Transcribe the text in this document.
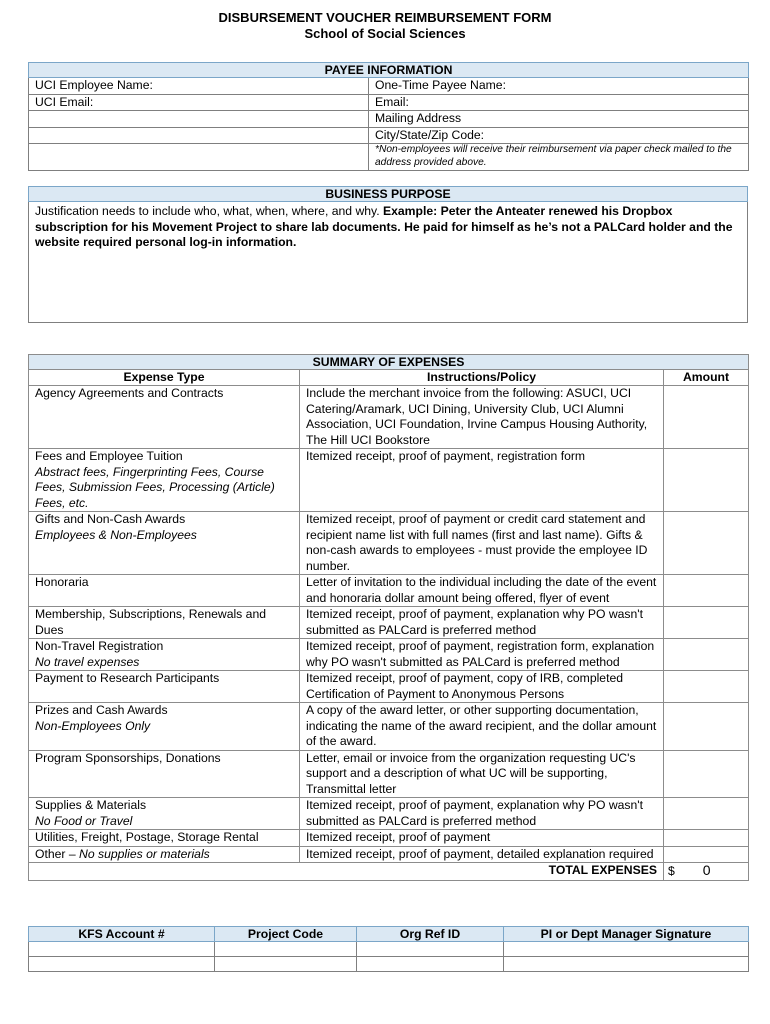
DISBURSEMENT VOUCHER REIMBURSEMENT FORM
School of Social Sciences
PAYEE INFORMATION	
UCI Employee Name:	One-Time Payee Name:
UCI Email:	Email:
	Mailing Address
	City/State/Zip Code:
	*Non-employees will receive their reimbursement via paper check mailed to the address provided above.
BUSINESS PURPOSE
Justification needs to include who, what, when, where, and why. Example: Peter the Anteater renewed his Dropbox subscription for his Movement Project to share lab documents. He paid for himself as he’s not a PALCard holder and the website required personal log-in information.
SUMMARY OF EXPENSES		
Expense Type	Instructions/Policy	Amount
Agency Agreements and Contracts	Include the merchant invoice from the following: ASUCI, UCI Catering/Aramark, UCI Dining, University Club, UCI Alumni Association, UCI Foundation, Irvine Campus Housing Authority, The Hill UCI Bookstore	
Fees and Employee Tuition
Abstract fees, Fingerprinting Fees, Course Fees, Submission Fees, Processing (Article) Fees, etc.	Itemized receipt, proof of payment, registration form	
Gifts and Non-Cash Awards
Employees & Non-Employees	Itemized receipt, proof of payment or credit card statement and recipient name list with full names (first and last name). Gifts & non-cash awards to employees - must provide the employee ID number.	
Honoraria	Letter of invitation to the individual including the date of the event and honoraria dollar amount being offered, flyer of event	
Membership, Subscriptions, Renewals and Dues	Itemized receipt, proof of payment, explanation why PO wasn't submitted as PALCard is preferred method	
Non-Travel Registration
No travel expenses	Itemized receipt, proof of payment, registration form, explanation why PO wasn't submitted as PALCard is preferred method	
Payment to Research Participants	Itemized receipt, proof of payment, copy of IRB, completed Certification of Payment to Anonymous Persons	
Prizes and Cash Awards
Non-Employees Only	A copy of the award letter, or other supporting documentation, indicating the name of the award recipient, and the dollar amount of the award.	
Program Sponsorships, Donations	Letter, email or invoice from the organization requesting UC's support and a description of what UC will be supporting, Transmittal letter	
Supplies & Materials
No Food or Travel	Itemized receipt, proof of payment, explanation why PO wasn't submitted as PALCard is preferred method	
Utilities, Freight, Postage, Storage Rental	Itemized receipt, proof of payment	
Other – No supplies or materials	Itemized receipt, proof of payment, detailed explanation required	
TOTAL EXPENSES		$ 0
KFS Account #	Project Code	Org Ref ID	PI or Dept Manager Signature
